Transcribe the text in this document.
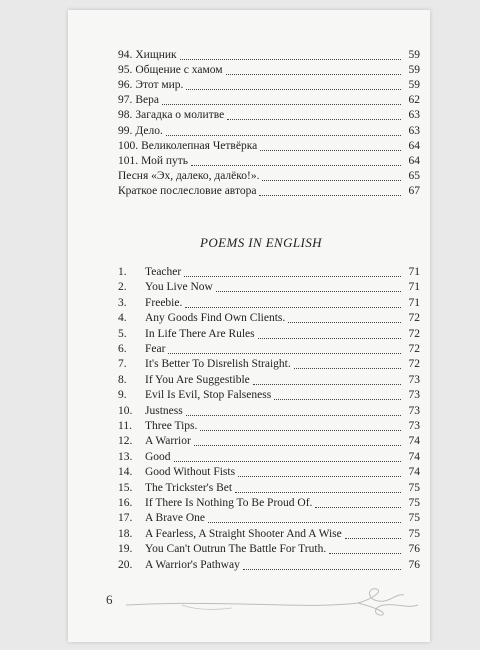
94. Хищник	59
95. Общение с хамом	59
96. Этот мир.	59
97. Вера	62
98. Загадка о молитве	63
99. Дело.	63
100. Великолепная Четвёрка	64
101. Мой путь	64
Песня «Эх, далеко, далёко!».	65
Краткое послесловие автора	67
POEMS IN ENGLISH
1.	Teacher	71
2.	You Live Now	71
3.	Freebie.	71
4.	Any Goods Find Own Clients.	72
5.	In Life There Are Rules	72
6.	Fear	72
7.	It's Better To Disrelish Straight.	72
8.	If You Are Suggestible	73
9.	Evil Is Evil, Stop Falseness	73
10.	Justness	73
11.	Three Tips.	73
12.	A Warrior	74
13.	Good	74
14.	Good Without Fists	74
15.	The Trickster's Bet	75
16.	If There Is Nothing To Be Proud Of.	75
17.	A Brave One	75
18.	A Fearless, A Straight Shooter And A Wise	75
19.	You Can't Outrun The Battle For Truth.	76
20.	A Warrior's Pathway	76
6
